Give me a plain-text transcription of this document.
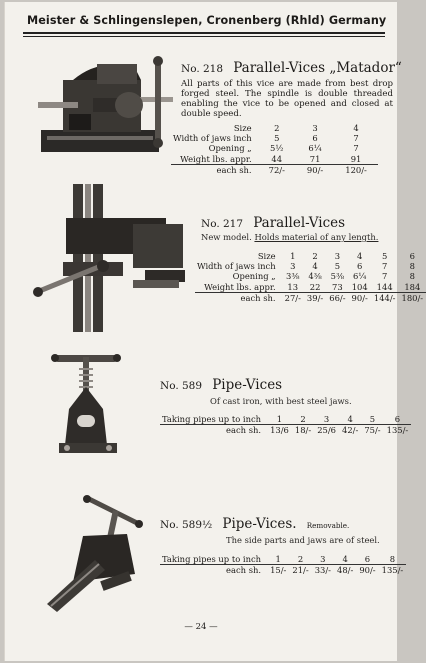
Meister & Schlingenslepen, Cronenberg (Rhld) Germany
No. 218 Parallel-Vices „Matador“
All parts of this vice are made from best drop forged steel. The spindle is double threaded enabling the vice to be opened and closed at double speed.
Size	2	3	4
Width of jaws inch	5	6	7
Opening „	5½	6¼	7
Weight lbs. appr.	44	71	91
each sh.	72/-	90/-	120/-
No. 217 Parallel-Vices
New model. Holds material of any length.
Size	1	2	3	4	5	6
Width of jaws inch	3	4	5	6	7	8
Opening „	3⅜	4⅜	5⅜	6¼	7	8
Weight lbs. appr.	13	22	73	104	144	184
each sh.	27/-	39/-	66/-	90/-	144/-	180/-
No. 589 Pipe-Vices
Of cast iron, with best steel jaws.
Taking pipes up to inch	1	2	3	4	5	6
each sh.	13/6	18/-	25/6	42/-	75/-	135/-
No. 589½ Pipe-Vices. Removable.
The side parts and jaws are of steel.
Taking pipes up to inch	1	2	3	4	6	8
each sh.	15/-	21/-	33/-	48/-	90/-	135/-
— 24 —
